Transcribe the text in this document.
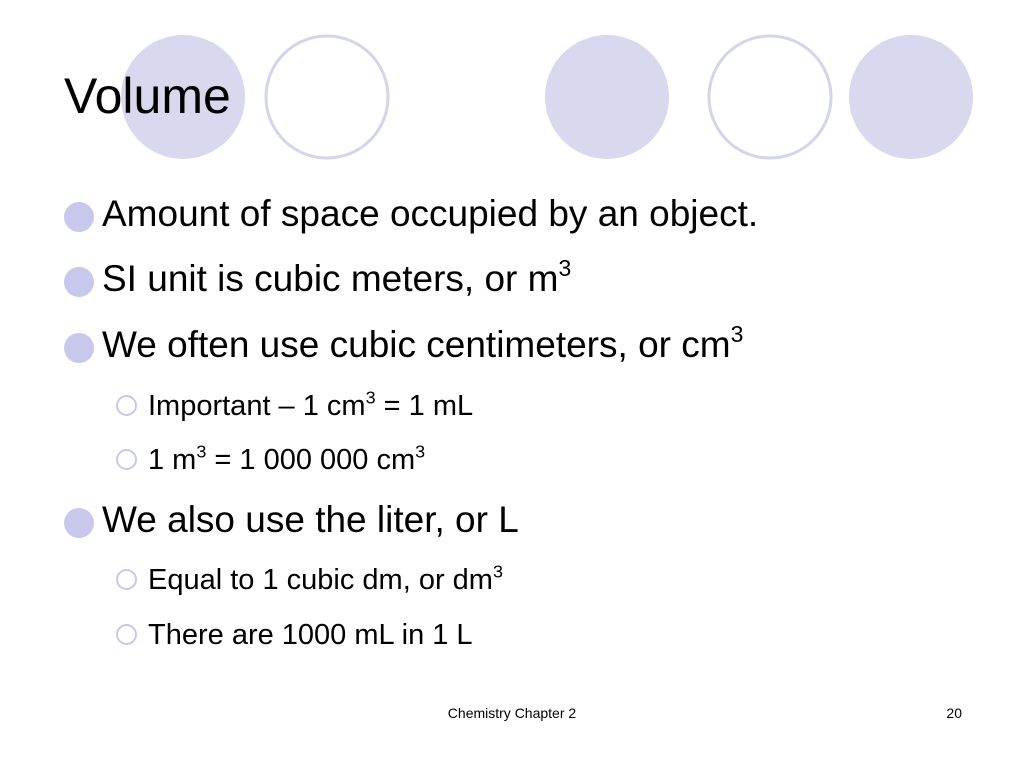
Volume
Amount of space occupied by an object.
SI unit is cubic meters, or $m^3$
We often use cubic centimeters, or $cm^3$
Important – 1 $cm^3 = 1$ mL
1 $m^3 = 1$ 000 000 $cm^3$
We also use the liter, or L
Equal to 1 cubic dm, or $dm^3$
There are 1000 mL in 1 L
Chemistry Chapter 2	20
